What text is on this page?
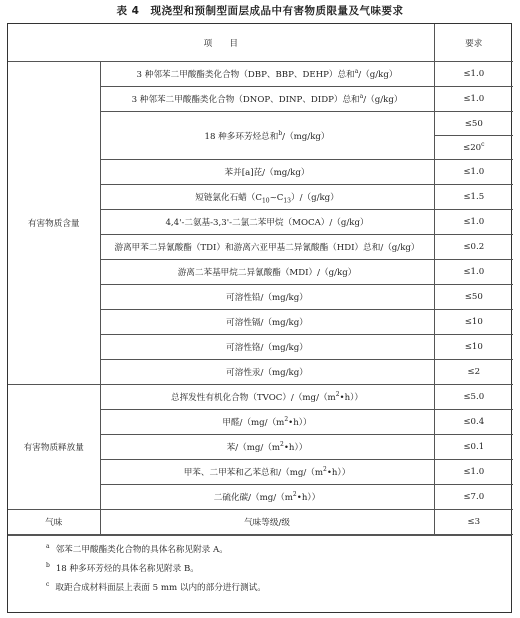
表 4　现浇型和预制型面层成品中有害物质限量及气味要求
项　　目		要求
有害物质含量	3 种邻苯二甲酸酯类化合物（DBP、BBP、DEHP）总和$^a$/（g/kg）	≤1.0
	3 种邻苯二甲酸酯类化合物（DNOP、DINP、DIDP）总和$^a$/（g/kg）	≤1.0
	18 种多环芳烃总和$^b$/（mg/kg）	≤50
		$\le 20^c$
	苯并[a]芘/（mg/kg）	≤1.0
	短链氯化石蜡$(C_{10}\sim C_{13})/(g/kg)$	≤1.5
	4,4'-二氨基-3,3'-二氯二苯甲烷（MOCA）/（g/kg）	≤1.0
	游离甲苯二异氰酸酯（TDI）和游离六亚甲基二异氰酸酯（HDI）总和/（g/kg）	≤0.2
	游离二苯基甲烷二异氰酸酯（MDI）/（g/kg）	≤1.0
	可溶性铅/（mg/kg）	≤50
	可溶性镉/（mg/kg）	≤10
	可溶性铬/（mg/kg）	≤10
	可溶性汞/（mg/kg）	≤2
有害物质释放量	总挥发性有机化合物$(TVOC)/(mg/(m^2•h))$	≤5.0
	甲醛$/(mg/(m^2•h))$	≤0.4
	苯$/(mg/(m^2•h))$	≤0.1
	甲苯、二甲苯和乙苯总和$/(mg/(m^2•h))$	≤1.0
	二硫化碳$/(mg/(m^2•h))$	≤7.0
气味	气味等级/级	≤3
$^a$ 邻苯二甲酸酯类化合物的具体名称见附录 A。
$^b$ 18 种多环芳烃的具体名称见附录 B。
$^c$ 取距合成材料面层上表面 5 mm 以内的部分进行测试。
